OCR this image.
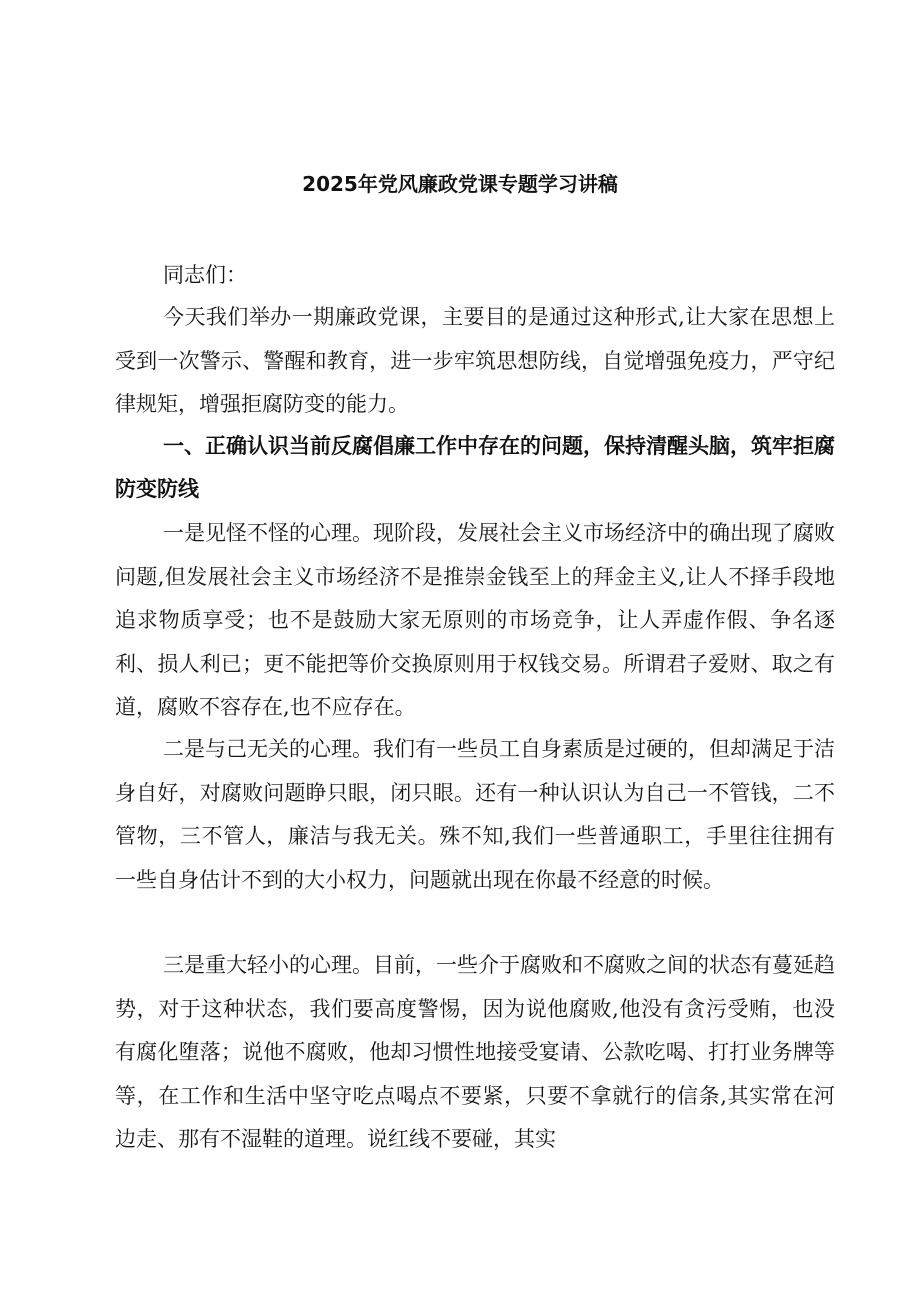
2025年党风廉政党课专题学习讲稿

同志们：

今天我们举办一期廉政党课，主要目的是通过这种形式,让大家在思想上受到一次警示、警醒和教育，进一步牢筑思想防线，自觉增强免疫力，严守纪律规矩，增强拒腐防变的能力。

一、正确认识当前反腐倡廉工作中存在的问题，保持清醒头脑，筑牢拒腐防变防线

一是见怪不怪的心理。现阶段，发展社会主义市场经济中的确出现了腐败问题,但发展社会主义市场经济不是推崇金钱至上的拜金主义,让人不择手段地追求物质享受；也不是鼓励大家无原则的市场竞争，让人弄虚作假、争名逐利、损人利已；更不能把等价交换原则用于权钱交易。所谓君子爱财、取之有道，腐败不容存在,也不应存在。

二是与己无关的心理。我们有一些员工自身素质是过硬的，但却满足于洁身自好，对腐败问题睁只眼，闭只眼。还有一种认识认为自己一不管钱，二不管物，三不管人，廉洁与我无关。殊不知,我们一些普通职工，手里往往拥有一些自身估计不到的大小权力，问题就出现在你最不经意的时候。

三是重大轻小的心理。目前，一些介于腐败和不腐败之间的状态有蔓延趋势，对于这种状态，我们要高度警惕，因为说他腐败,他没有贪污受贿，也没有腐化堕落；说他不腐败，他却习惯性地接受宴请、公款吃喝、打打业务牌等等，在工作和生活中坚守吃点喝点不要紧，只要不拿就行的信条,其实常在河边走、那有不湿鞋的道理。说红线不要碰，其实
